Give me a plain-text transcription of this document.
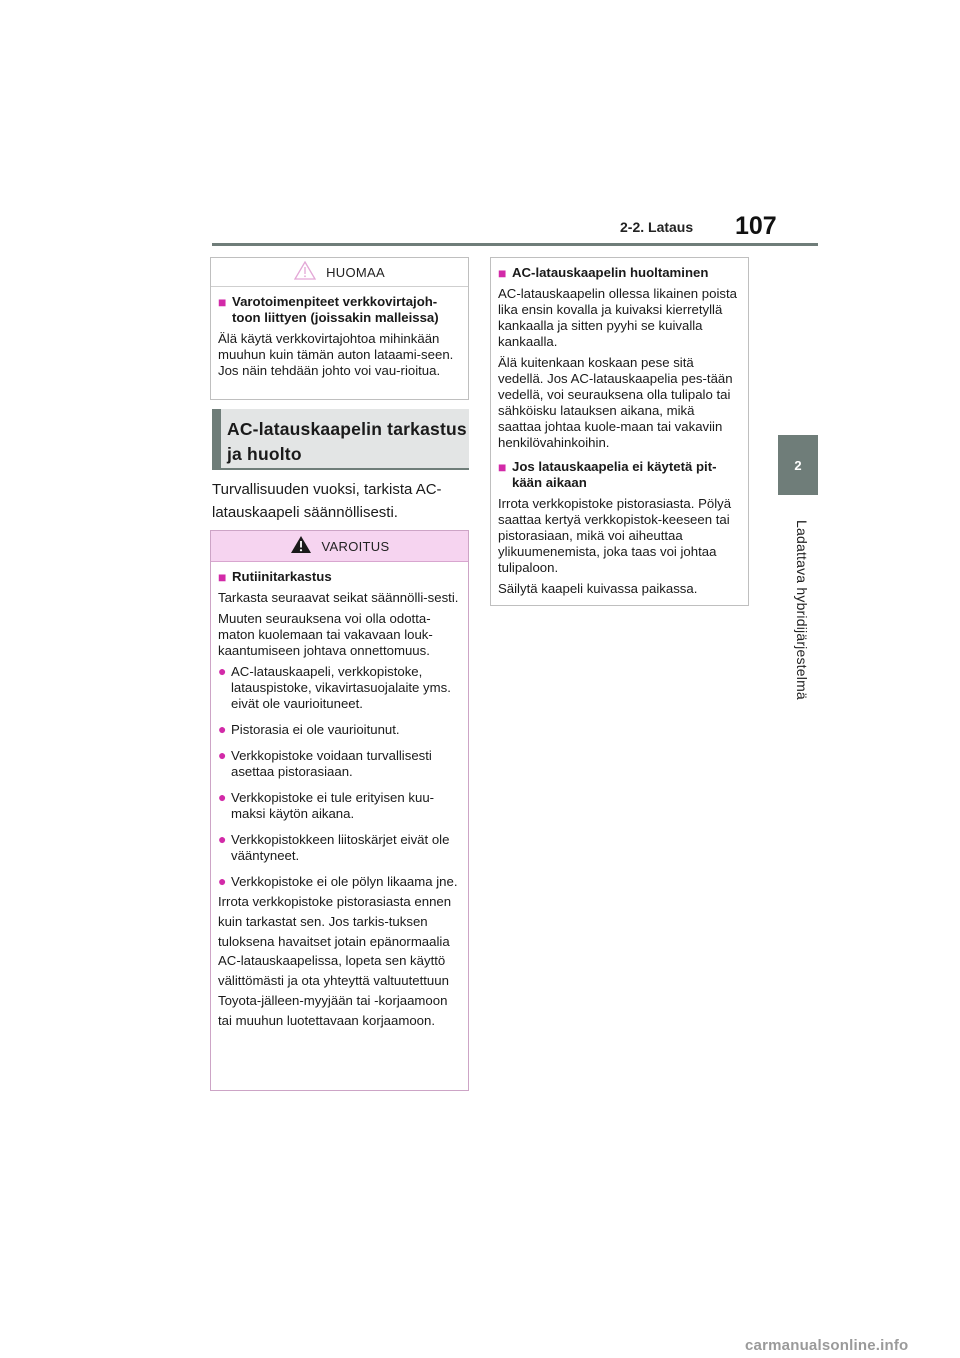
2-2. Lataus 107
2
Ladattava hybridijärjestelmä
HUOMAA
■ Varotoimenpiteet verkkovirtajoh-toon liittyen (joissakin malleissa)
Älä käytä verkkovirtajohtoa mihinkään muuhun kuin tämän auton lataami-seen. Jos näin tehdään johto voi vau-rioitua.
AC-latauskaapelin tarkastus ja huolto
Turvallisuuden vuoksi, tarkista AC-latauskaapeli säännöllisesti.
VAROITUS
■ Rutiinitarkastus
Tarkasta seuraavat seikat säännölli-sesti.
Muuten seurauksena voi olla odotta-maton kuolemaan tai vakavaan louk-kaantumiseen johtava onnettomuus.
● AC-latauskaapeli, verkkopistoke, latauspistoke, vikavirtasuojalaite yms. eivät ole vaurioituneet.
● Pistorasia ei ole vaurioitunut.
● Verkkopistoke voidaan turvallisesti asettaa pistorasiaan.
● Verkkopistoke ei tule erityisen kuu-maksi käytön aikana.
● Verkkopistokkeen liitoskärjet eivät ole vääntyneet.
● Verkkopistoke ei ole pölyn likaama jne.
Irrota verkkopistoke pistorasiasta ennen kuin tarkastat sen. Jos tarkis-tuksen tuloksena havaitset jotain epänormaalia AC-latauskaapelissa, lopeta sen käyttö välittömästi ja ota yhteyttä valtuutettuun Toyota-jälleen-myyjään tai -korjaamoon tai muuhun luotettavaan korjaamoon.
■ AC-latauskaapelin huoltaminen
AC-latauskaapelin ollessa likainen poista lika ensin kovalla ja kuivaksi kierretyllä kankaalla ja sitten pyyhi se kuivalla kankaalla.
Älä kuitenkaan koskaan pese sitä vedellä. Jos AC-latauskaapelia pes-tään vedellä, voi seurauksena olla tulipalo tai sähköisku latauksen aikana, mikä saattaa johtaa kuole-maan tai vakaviin henkilövahinkoihin.
■ Jos latauskaapelia ei käytetä pit-kään aikaan
Irrota verkkopistoke pistorasiasta. Pölyä saattaa kertyä verkkopistok-keeseen tai pistorasiaan, mikä voi aiheuttaa ylikuumenemista, joka taas voi johtaa tulipaloon.
Säilytä kaapeli kuivassa paikassa.
carmanualsonline.info
